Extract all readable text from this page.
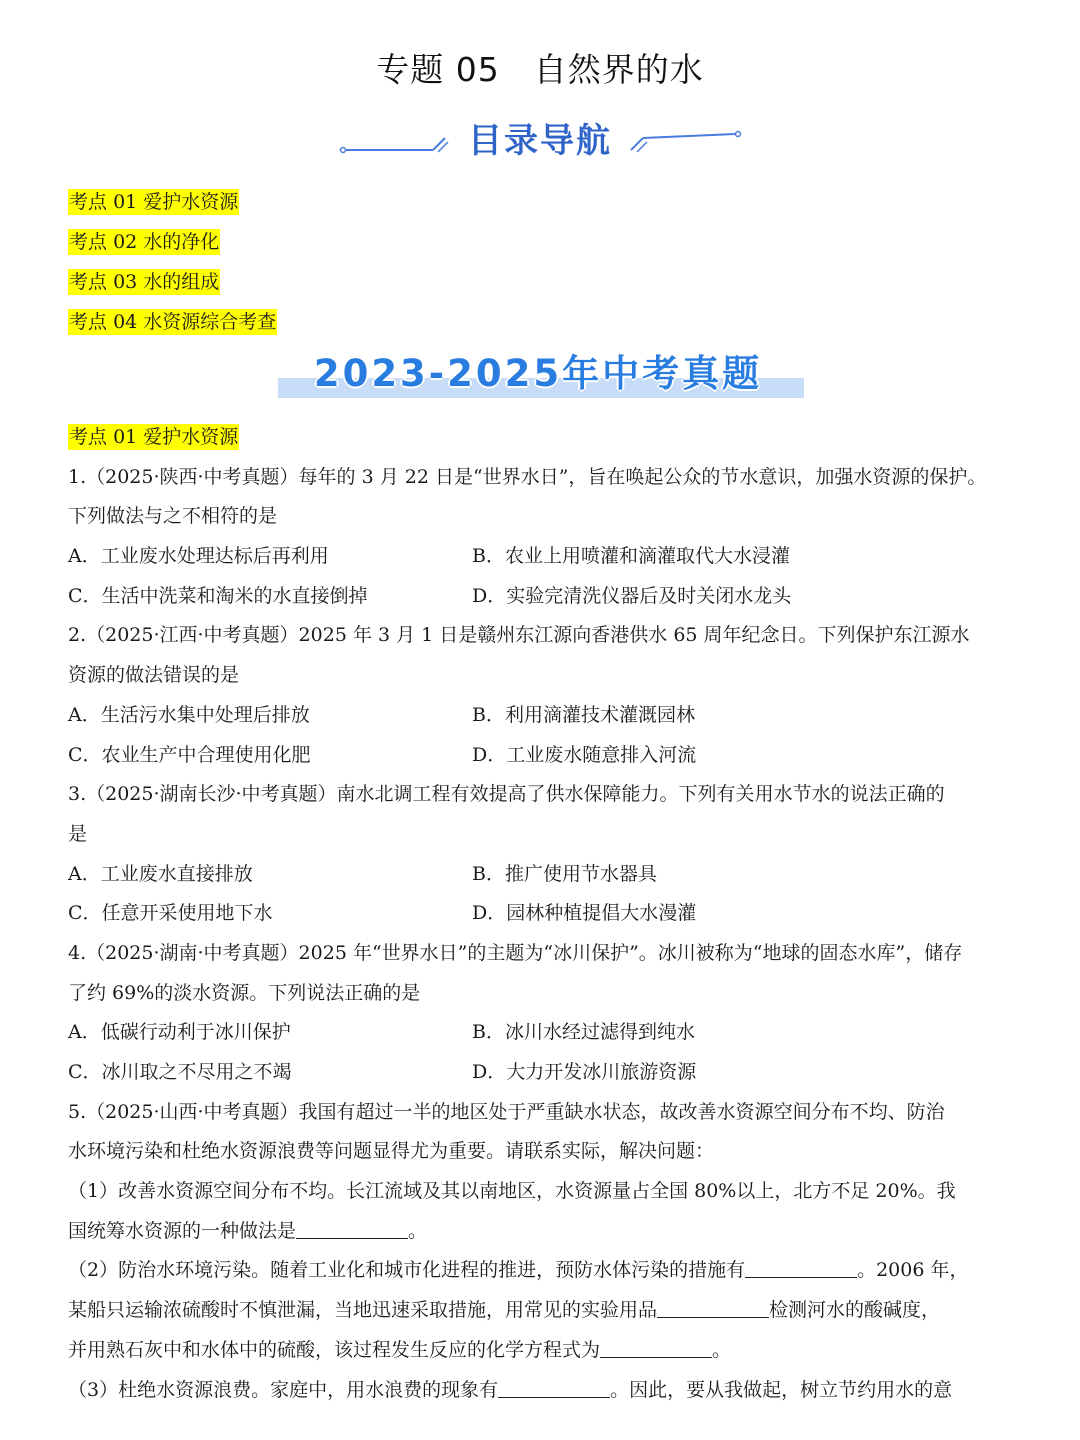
专题 05 自然界的水
目录导航
考点 01 爱护水资源
考点 02 水的净化
考点 03 水的组成
考点 04 水资源综合考查
2023-2025年中考真题
考点 01 爱护水资源
1.（2025·陕西·中考真题）每年的 3 月 22 日是“世界水日”，旨在唤起公众的节水意识，加强水资源的保护。
下列做法与之不相符的是
A．工业废水处理达标后再利用	B．农业上用喷灌和滴灌取代大水浸灌
C．生活中洗菜和淘米的水直接倒掉	D．实验完清洗仪器后及时关闭水龙头
2.（2025·江西·中考真题）2025 年 3 月 1 日是赣州东江源向香港供水 65 周年纪念日。下列保护东江源水
资源的做法错误的是
A．生活污水集中处理后排放	B．利用滴灌技术灌溉园林
C．农业生产中合理使用化肥	D．工业废水随意排入河流
3.（2025·湖南长沙·中考真题）南水北调工程有效提高了供水保障能力。下列有关用水节水的说法正确的
是
A．工业废水直接排放	B．推广使用节水器具
C．任意开采使用地下水	D．园林种植提倡大水漫灌
4.（2025·湖南·中考真题）2025 年“世界水日”的主题为“冰川保护”。冰川被称为“地球的固态水库”，储存
了约 69%的淡水资源。下列说法正确的是
A．低碳行动利于冰川保护	B．冰川水经过滤得到纯水
C．冰川取之不尽用之不竭	D．大力开发冰川旅游资源
5.（2025·山西·中考真题）我国有超过一半的地区处于严重缺水状态，故改善水资源空间分布不均、防治
水环境污染和杜绝水资源浪费等问题显得尤为重要。请联系实际，解决问题：
（1）改善水资源空间分布不均。长江流域及其以南地区，水资源量占全国 80%以上，北方不足 20%。我
国统筹水资源的一种做法是	。
（2）防治水环境污染。随着工业化和城市化进程的推进，预防水体污染的措施有	。2006 年，
某船只运输浓硫酸时不慎泄漏，当地迅速采取措施，用常见的实验用品	检测河水的酸碱度，
并用熟石灰中和水体中的硫酸，该过程发生反应的化学方程式为	。
（3）杜绝水资源浪费。家庭中，用水浪费的现象有	。因此，要从我做起，树立节约用水的意
